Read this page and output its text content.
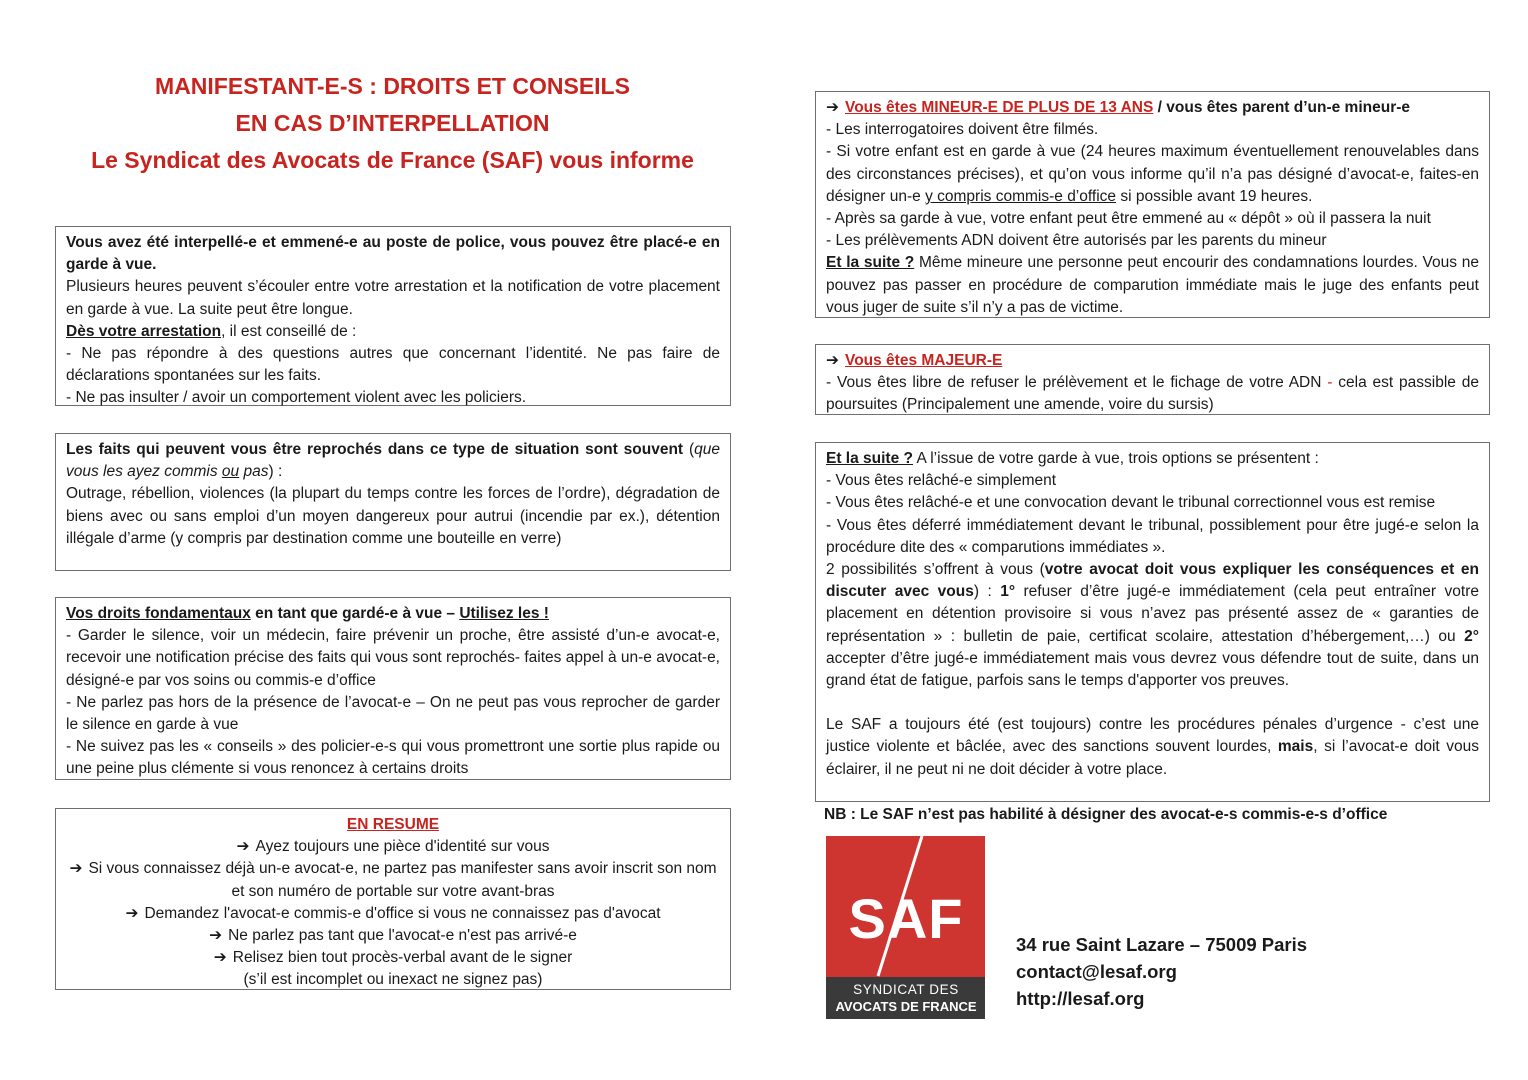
MANIFESTANT-E-S : DROITS ET CONSEILS
EN CAS D’INTERPELLATION
Le Syndicat des Avocats de France (SAF) vous informe

Vous avez été interpellé-e et emmené-e au poste de police, vous pouvez être placé-e en garde à vue.

Plusieurs heures peuvent s’écouler entre votre arrestation et la notification de votre placement en garde à vue. La suite peut être longue.

Dès votre arrestation, il est conseillé de :

- Ne pas répondre à des questions autres que concernant l’identité. Ne pas faire de déclarations spontanées sur les faits.

- Ne pas insulter / avoir un comportement violent avec les policiers.

Les faits qui peuvent vous être reprochés dans ce type de situation sont souvent (que vous les ayez commis ou pas) :

Outrage, rébellion, violences (la plupart du temps contre les forces de l’ordre), dégradation de biens avec ou sans emploi d’un moyen dangereux pour autrui (incendie par ex.), détention illégale d’arme (y compris par destination comme une bouteille en verre)

Vos droits fondamentaux en tant que gardé-e à vue – Utilisez les !

- Garder le silence, voir un médecin, faire prévenir un proche, être assisté d’un-e avocat-e, recevoir une notification précise des faits qui vous sont reprochés- faites appel à un-e avocat-e, désigné-e par vos soins ou commis-e d’office

- Ne parlez pas hors de la présence de l’avocat-e – On ne peut pas vous reprocher de garder le silence en garde à vue

- Ne suivez pas les « conseils » des policier-e-s qui vous promettront une sortie plus rapide ou une peine plus clémente si vous renoncez à certains droits

EN RESUME

➔ Ayez toujours une pièce d'identité sur vous

➔ Si vous connaissez déjà un-e avocat-e, ne partez pas manifester sans avoir inscrit son nom et son numéro de portable sur votre avant-bras

➔ Demandez l'avocat-e commis-e d'office si vous ne connaissez pas d'avocat

➔ Ne parlez pas tant que l'avocat-e n'est pas arrivé-e

➔ Relisez bien tout procès-verbal avant de le signer

(s’il est incomplet ou inexact ne signez pas)

➔ Vous êtes MINEUR-E DE PLUS DE 13 ANS / vous êtes parent d’un-e mineur-e

- Les interrogatoires doivent être filmés.

- Si votre enfant est en garde à vue (24 heures maximum éventuellement renouvelables dans des circonstances précises), et qu’on vous informe qu’il n’a pas désigné d’avocat-e, faites-en désigner un-e y compris commis-e d’office si possible avant 19 heures.

- Après sa garde à vue, votre enfant peut être emmené au « dépôt » où il passera la nuit

- Les prélèvements ADN doivent être autorisés par les parents du mineur

Et la suite ? Même mineure une personne peut encourir des condamnations lourdes. Vous ne pouvez pas passer en procédure de comparution immédiate mais le juge des enfants peut vous juger de suite s’il n’y a pas de victime.

➔ Vous êtes MAJEUR-E

- Vous êtes libre de refuser le prélèvement et le fichage de votre ADN - cela est passible de poursuites (Principalement une amende, voire du sursis)

Et la suite ? A l’issue de votre garde à vue, trois options se présentent :

- Vous êtes relâché-e simplement

- Vous êtes relâché-e et une convocation devant le tribunal correctionnel vous est remise

- Vous êtes déferré immédiatement devant le tribunal, possiblement pour être jugé-e selon la procédure dite des « comparutions immédiates ».

2 possibilités s’offrent à vous (votre avocat doit vous expliquer les conséquences et en discuter avec vous) : 1° refuser d’être jugé-e immédiatement (cela peut entraîner votre placement en détention provisoire si vous n’avez pas présenté assez de « garanties de représentation » : bulletin de paie, certificat scolaire, attestation d’hébergement,…) ou 2° accepter d’être jugé-e immédiatement mais vous devrez vous défendre tout de suite, dans un grand état de fatigue, parfois sans le temps d'apporter vos preuves.

Le SAF a toujours été (est toujours) contre les procédures pénales d’urgence - c’est une justice violente et bâclée, avec des sanctions souvent lourdes, mais, si l’avocat-e doit vous éclairer, il ne peut ni ne doit décider à votre place.

NB : Le SAF n’est pas habilité à désigner des avocat-e-s commis-e-s d’office
SAF
SYNDICAT DES
AVOCATS DE FRANCE
34 rue Saint Lazare – 75009 Paris
contact@lesaf.org
http://lesaf.org
